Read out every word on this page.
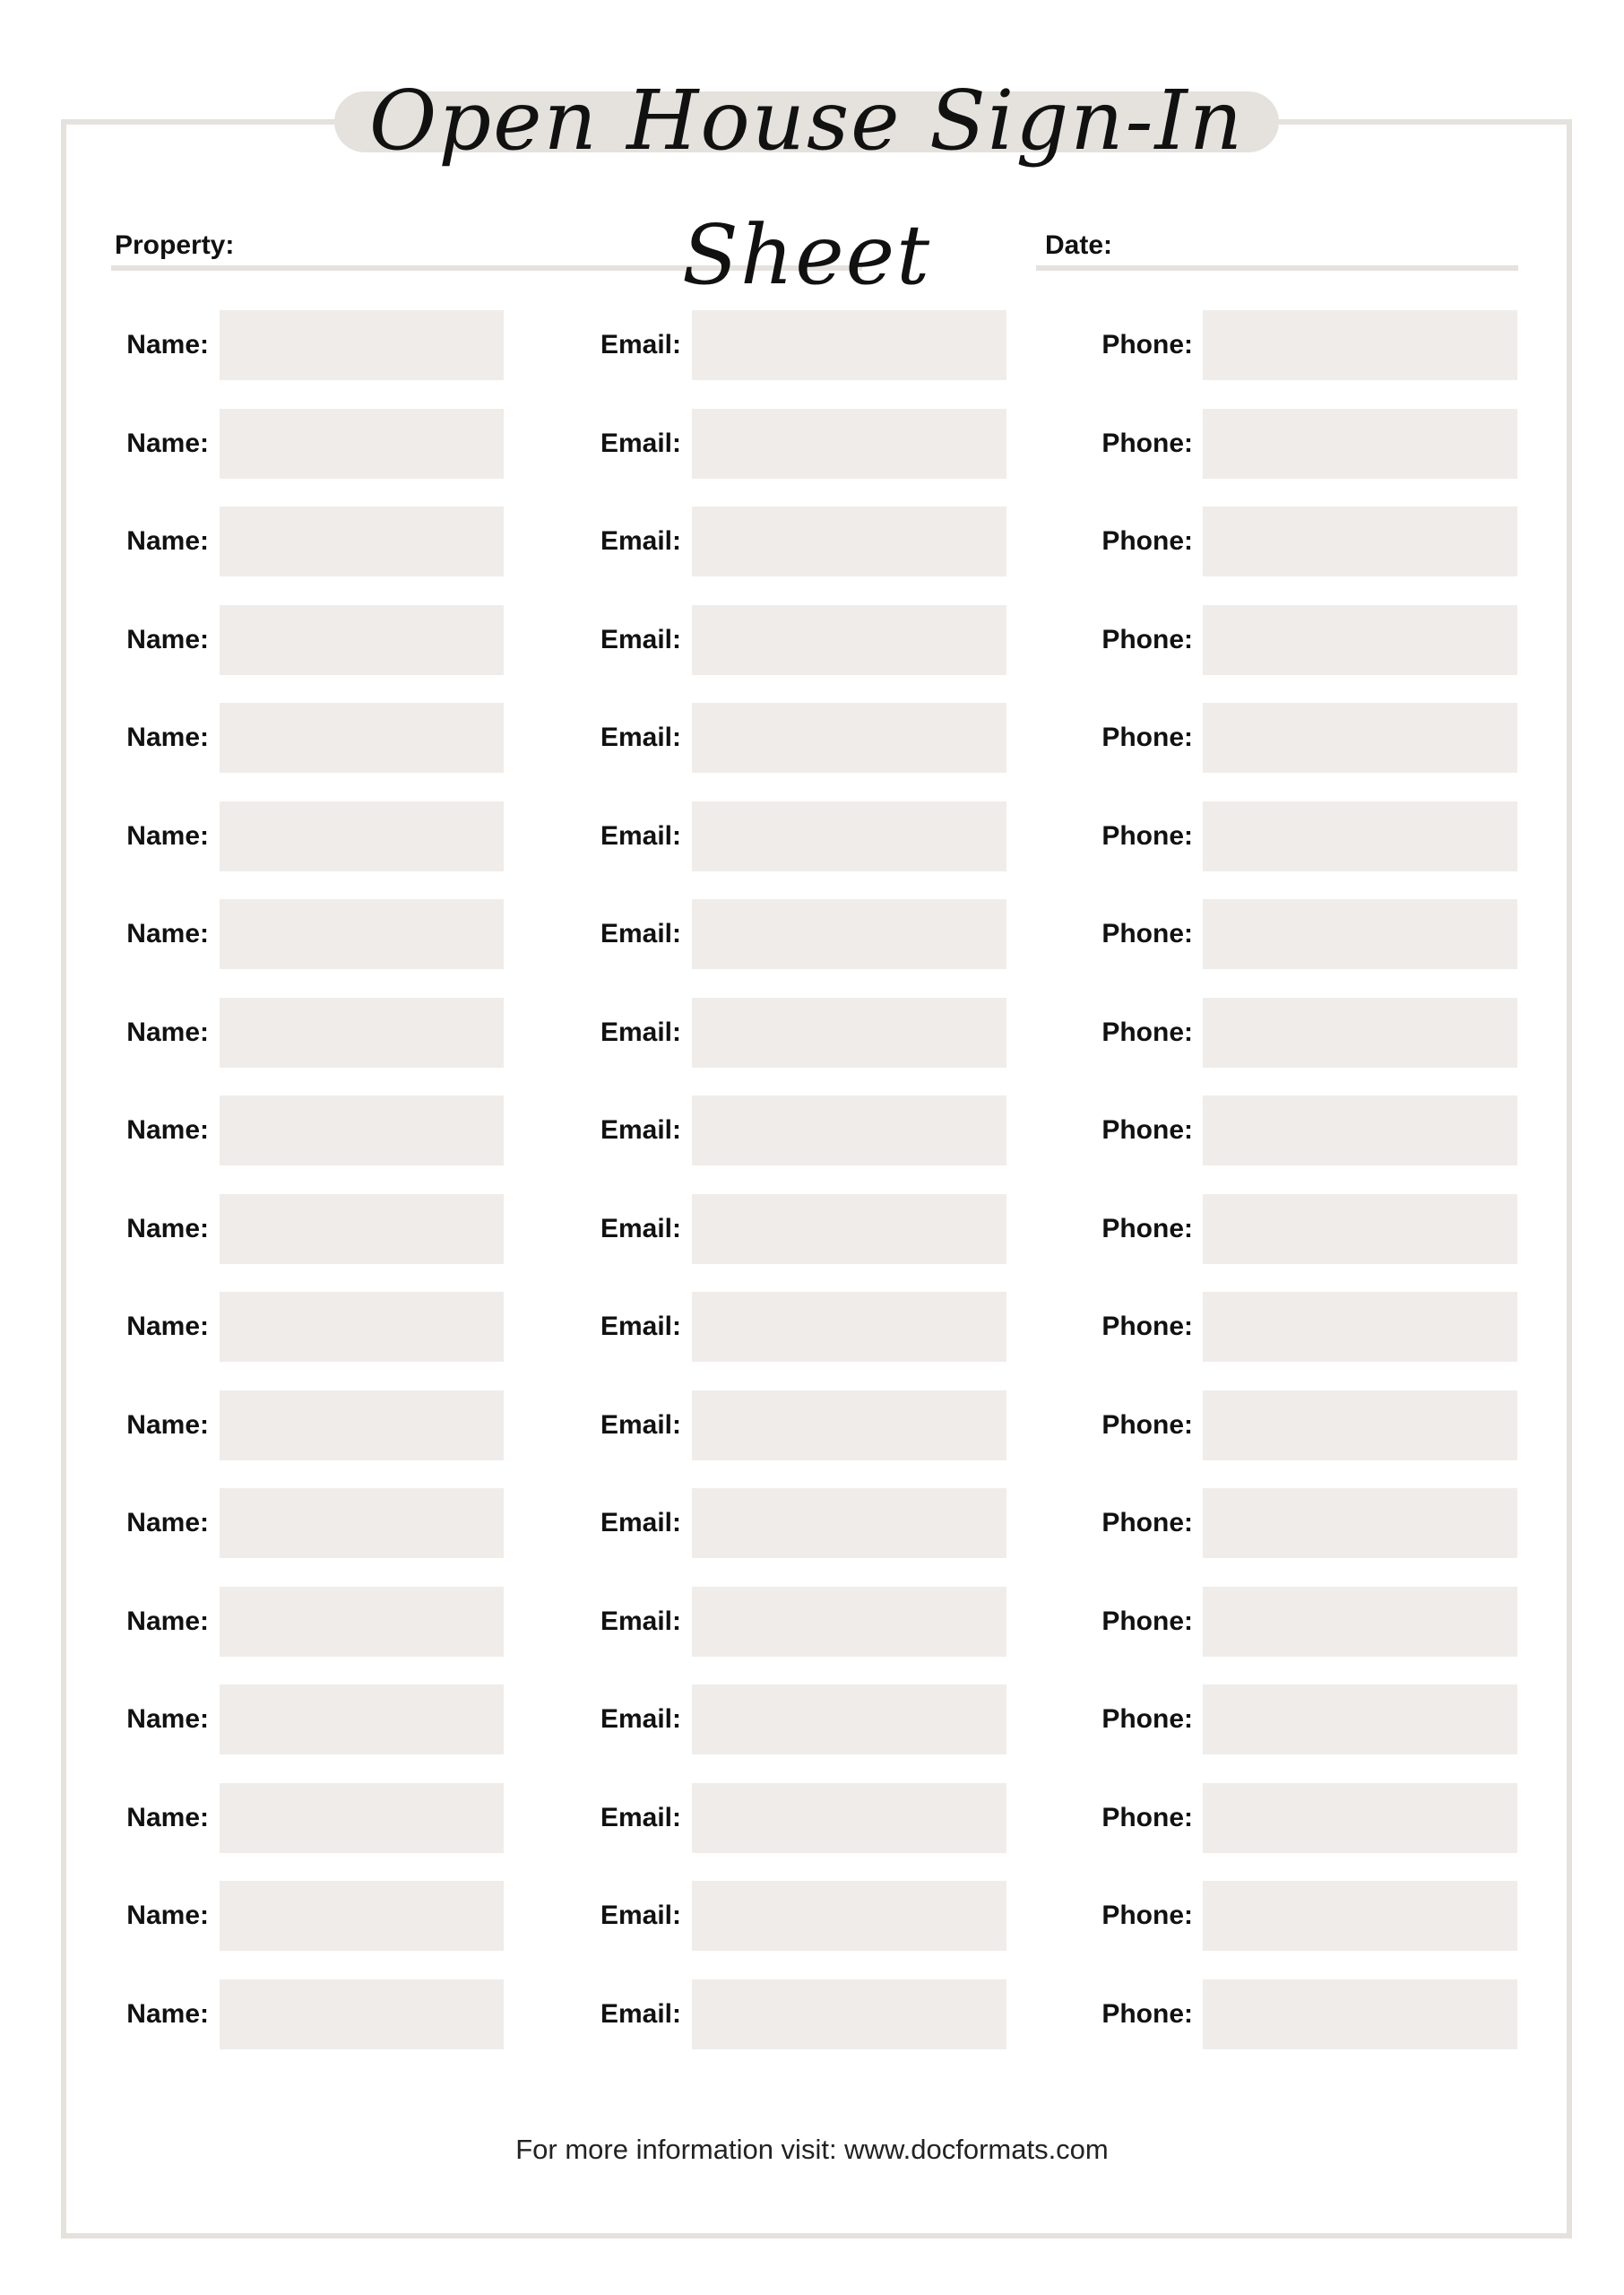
Open House Sign-In Sheet
Property:	Date:
Name:	Email:	Phone:
Name:	Email:	Phone:
Name:	Email:	Phone:
Name:	Email:	Phone:
Name:	Email:	Phone:
Name:	Email:	Phone:
Name:	Email:	Phone:
Name:	Email:	Phone:
Name:	Email:	Phone:
Name:	Email:	Phone:
Name:	Email:	Phone:
Name:	Email:	Phone:
Name:	Email:	Phone:
Name:	Email:	Phone:
Name:	Email:	Phone:
Name:	Email:	Phone:
Name:	Email:	Phone:
Name:	Email:	Phone:
For more information visit: www.docformats.com
